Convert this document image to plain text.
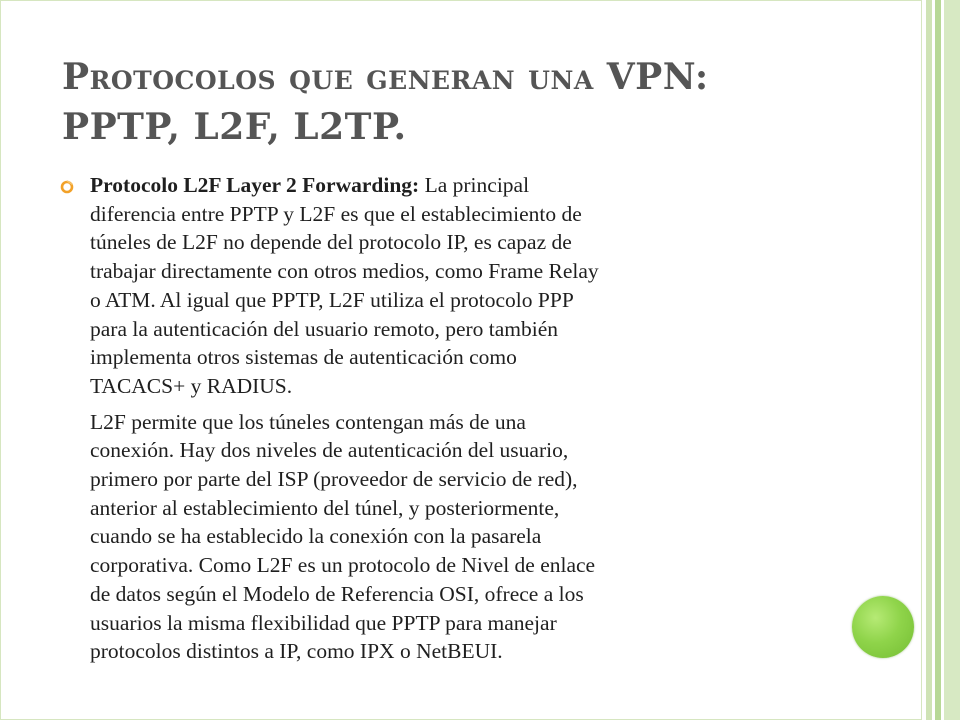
Protocolos que generan una VPN:
PPTP, L2F, L2TP.

Protocolo L2F Layer 2 Forwarding: La principal
diferencia entre PPTP y L2F es que el establecimiento de
túneles de L2F no depende del protocolo IP, es capaz de
trabajar directamente con otros medios, como Frame Relay
o ATM. Al igual que PPTP, L2F utiliza el protocolo PPP
para la autenticación del usuario remoto, pero también
implementa otros sistemas de autenticación como
TACACS+ y RADIUS.

L2F permite que los túneles contengan más de una
conexión. Hay dos niveles de autenticación del usuario,
primero por parte del ISP (proveedor de servicio de red),
anterior al establecimiento del túnel, y posteriormente,
cuando se ha establecido la conexión con la pasarela
corporativa. Como L2F es un protocolo de Nivel de enlace
de datos según el Modelo de Referencia OSI, ofrece a los
usuarios la misma flexibilidad que PPTP para manejar
protocolos distintos a IP, como IPX o NetBEUI.
